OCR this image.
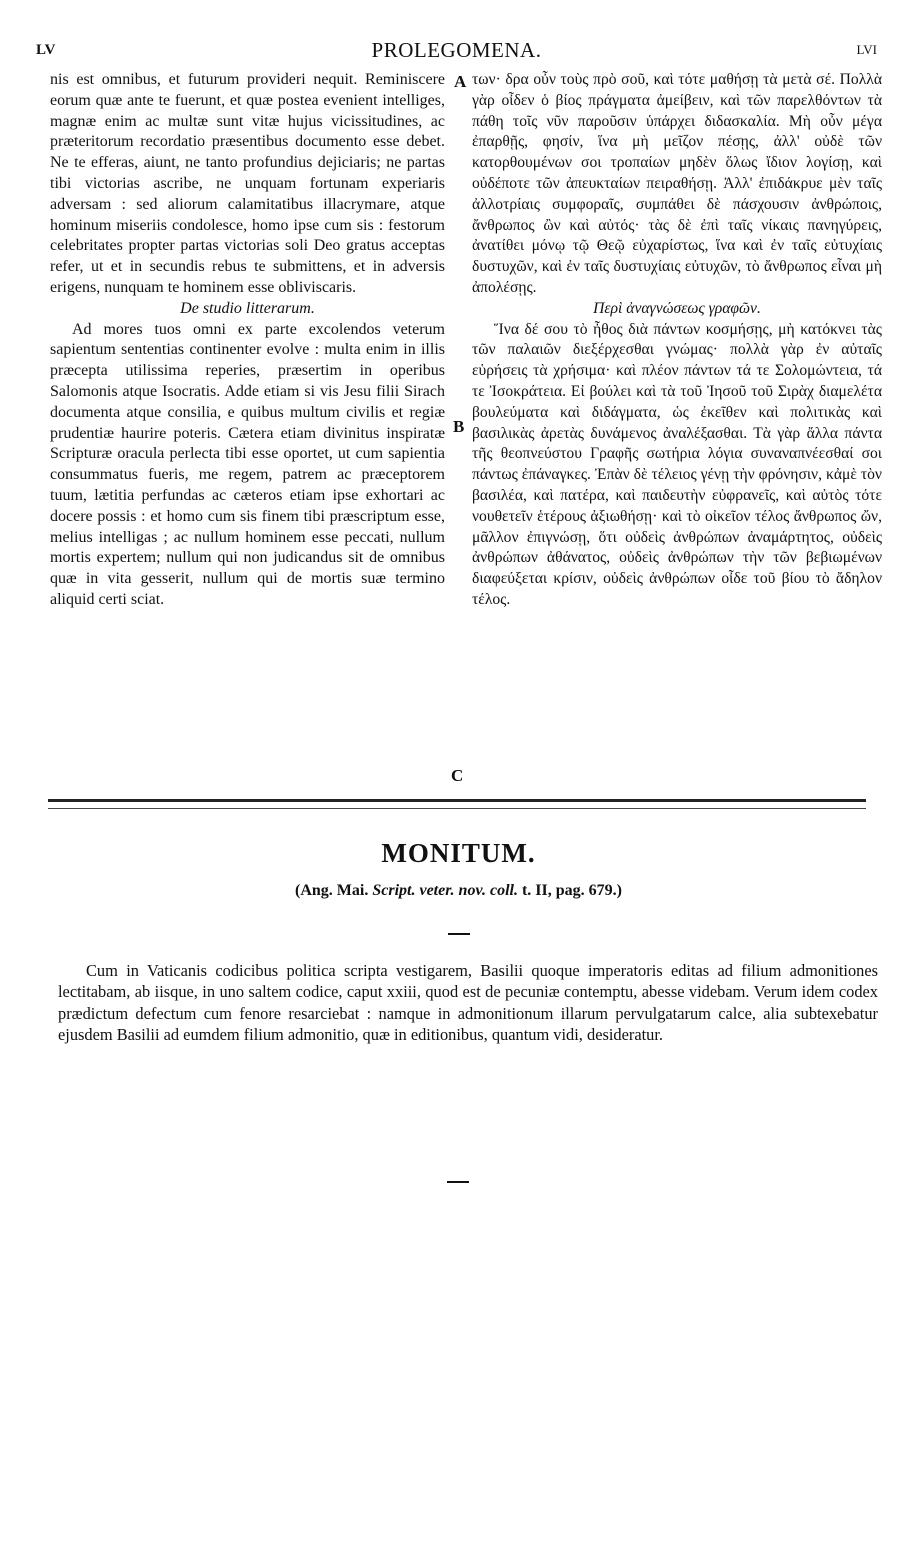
LV	PROLEGOMENA.	LVI

nis est omnibus, et futurum provideri nequit. Reminiscere eorum quæ ante te fuerunt, et quæ postea evenient intelliges, magnæ enim ac multæ sunt vitæ hujus vicissitudines, ac præteritorum recordatio præsentibus documento esse debet. Ne te efferas, aiunt, ne tanto profundius dejiciaris; ne partas tibi victorias ascribe, ne unquam fortunam experiaris adversam : sed aliorum calamitatibus illacrymare, atque hominum miseriis condolesce, homo ipse cum sis : festorum celebritates propter partas victorias soli Deo gratus acceptas refer, ut et in secundis rebus te submittens, et in adversis erigens, nunquam te hominem esse obliviscaris.

De studio litterarum.

Ad mores tuos omni ex parte excolendos veterum sapientum sententias continenter evolve : multa enim in illis præcepta utilissima reperies, præsertim in operibus Salomonis atque Isocratis. Adde etiam si vis Jesu filii Sirach documenta atque consilia, e quibus multum civilis et regiæ prudentiæ haurire poteris. Cætera etiam divinitus inspiratæ Scripturæ oracula perlecta tibi esse oportet, ut cum sapientia consummatus fueris, me regem, patrem ac præceptorem tuum, lætitia perfundas ac cæteros etiam ipse exhortari ac docere possis : et homo cum sis finem tibi præscriptum esse, melius intelligas ; ac nullum hominem esse peccati, nullum mortis expertem; nullum qui non judicandus sit de omnibus quæ in vita gesserit, nullum qui de mortis suæ termino aliquid certi sciat.

A
B
C

των· δρα οὖν τοὺς πρὸ σοῦ, καὶ τότε μαθήσῃ τὰ μετὰ σέ. Πολλὰ γὰρ οἶδεν ὁ βίος πράγματα ἀμείβειν, καὶ τῶν παρελθόντων τὰ πάθη τοῖς νῦν παροῦσιν ὑπάρχει διδασκαλία. Μὴ οὖν μέγα ἐπαρθῇς, φησίν, ἵνα μὴ μεῖζον πέσῃς, ἀλλ' οὐδὲ τῶν κατορθουμένων σοι τροπαίων μηδὲν ὅλως ἴδιον λογίσῃ, καὶ οὐδέποτε τῶν ἀπευκταίων πειραθήσῃ. Ἀλλ' ἐπιδάκρυε μὲν ταῖς ἀλλοτρίαις συμφοραῖς, συμπάθει δὲ πάσχουσιν ἀνθρώποις, ἄνθρωπος ὢν καὶ αὐτός· τὰς δὲ ἐπὶ ταῖς νίκαις πανηγύρεις, ἀνατίθει μόνῳ τῷ Θεῷ εὐχαρίστως, ἵνα καὶ ἐν ταῖς εὐτυχίαις δυστυχῶν, καὶ ἐν ταῖς δυστυχίαις εὐτυχῶν, τὸ ἄνθρωπος εἶναι μὴ ἀπολέσῃς.

Περὶ ἀναγνώσεως γραφῶν.

Ἵνα δέ σου τὸ ἦθος διὰ πάντων κοσμήσῃς, μὴ κατόκνει τὰς τῶν παλαιῶν διεξέρχεσθαι γνώμας· πολλὰ γὰρ ἐν αὐταῖς εὑρήσεις τὰ χρήσιμα· καὶ πλέον πάντων τά τε Σολομώντεια, τά τε Ἰσοκράτεια. Εἰ βούλει καὶ τὰ τοῦ Ἰησοῦ τοῦ Σιρὰχ διαμελέτα βουλεύματα καὶ διδάγματα, ὡς ἐκεῖθεν καὶ πολιτικὰς καὶ βασιλικὰς ἀρετὰς δυνάμενος ἀναλέξασθαι. Τὰ γὰρ ἄλλα πάντα τῆς θεοπνεύστου Γραφῆς σωτήρια λόγια συναναπνέεσθαί σοι πάντως ἐπάναγκες. Ἐπὰν δὲ τέλειος γένῃ τὴν φρόνησιν, κἀμὲ τὸν βασιλέα, καὶ πατέρα, καὶ παιδευτὴν εὐφρανεῖς, καὶ αὐτὸς τότε νουθετεῖν ἑτέρους ἀξιωθήσῃ· καὶ τὸ οἰκεῖον τέλος ἄνθρωπος ὤν, μᾶλλον ἐπιγνώσῃ, ὅτι οὐδεὶς ἀνθρώπων ἀναμάρτητος, οὐδεὶς ἀνθρώπων ἀθάνατος, οὐδεὶς ἀνθρώπων τὴν τῶν βεβιωμένων διαφεύξεται κρίσιν, οὐδεὶς ἀνθρώπων οἶδε τοῦ βίου τὸ ἄδηλον τέλος.

MONITUM.
(Ang. Mai. Script. veter. nov. coll. t. II, pag. 679.)

Cum in Vaticanis codicibus politica scripta vestigarem, Basilii quoque imperatoris editas ad filium admonitiones lectitabam, ab iisque, in uno saltem codice, caput xxiii, quod est de pecuniæ contemptu, abesse videbam. Verum idem codex prædictum defectum cum fenore resarciebat : namque in admonitionum illarum pervulgatarum calce, alia subtexebatur ejusdem Basilii ad eumdem filium admonitio, quæ in editionibus, quantum vidi, desideratur.
